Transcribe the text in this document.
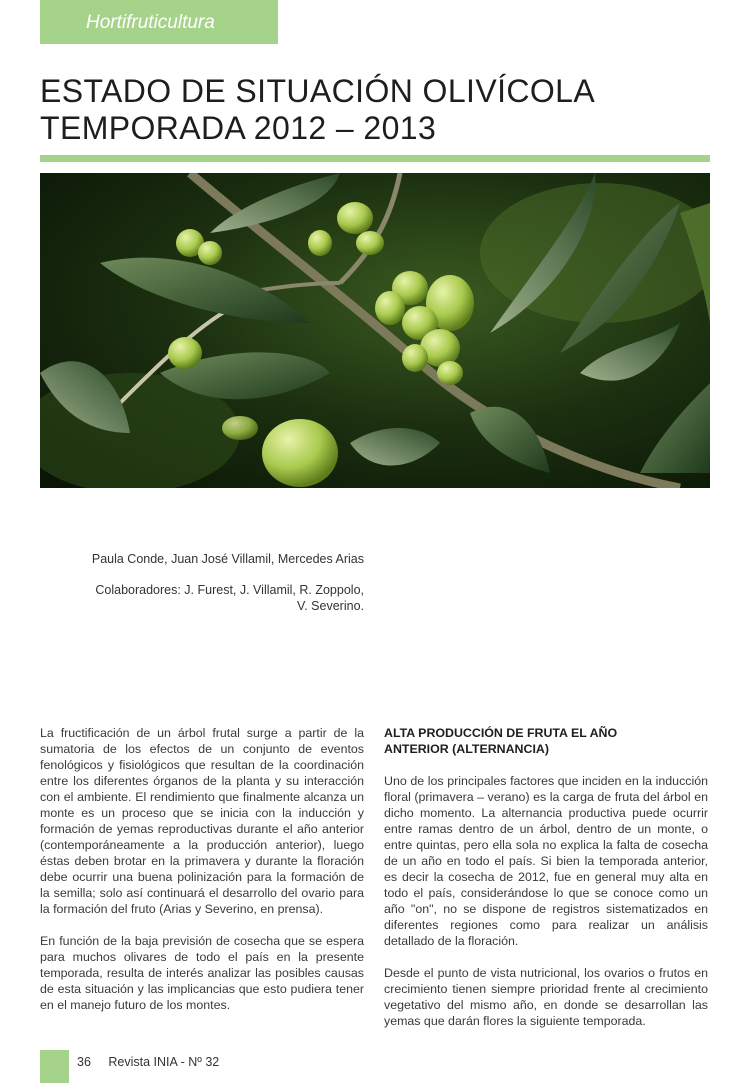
Hortifruticultura
ESTADO DE SITUACIÓN OLIVÍCOLA
TEMPORADA 2012 – 2013
Paula Conde, Juan José Villamil, Mercedes Arias
Colaboradores: J. Furest, J. Villamil, R. Zoppolo,
V. Severino.

La fructificación de un árbol frutal surge a partir de la sumatoria de los efectos de un conjunto de eventos fenológicos y fisiológicos que resultan de la coordinación entre los diferentes órganos de la planta y su interacción con el ambiente. El rendimiento que finalmente alcanza un monte es un proceso que se inicia con la inducción y formación de yemas reproductivas durante el año anterior (contemporáneamente a la producción anterior), luego éstas deben brotar en la primavera y durante la floración debe ocurrir una buena polinización para la formación de la semilla; solo así continuará el desarrollo del ovario para la formación del fruto (Arias y Severino, en prensa).

En función de la baja previsión de cosecha que se espera para muchos olivares de todo el país en la presente temporada, resulta de interés analizar las posibles causas de esta situación y las implicancias que esto pudiera tener en el manejo futuro de los montes.

ALTA PRODUCCIÓN DE FRUTA EL AÑO
ANTERIOR (ALTERNANCIA)

Uno de los principales factores que inciden en la inducción floral (primavera – verano) es la carga de fruta del árbol en dicho momento. La alternancia productiva puede ocurrir entre ramas dentro de un árbol, dentro de un monte, o entre quintas, pero ella sola no explica la falta de cosecha de un año en todo el país. Si bien la temporada anterior, es decir la cosecha de 2012, fue en general muy alta en todo el país, considerándose lo que se conoce como un año "on", no se dispone de registros sistematizados en diferentes regiones como para realizar un análisis detallado de la floración.

Desde el punto de vista nutricional, los ovarios o frutos en crecimiento tienen siempre prioridad frente al crecimiento vegetativo del mismo año, en donde se desarrollan las yemas que darán flores la siguiente temporada.

36 Revista INIA - Nº 32
